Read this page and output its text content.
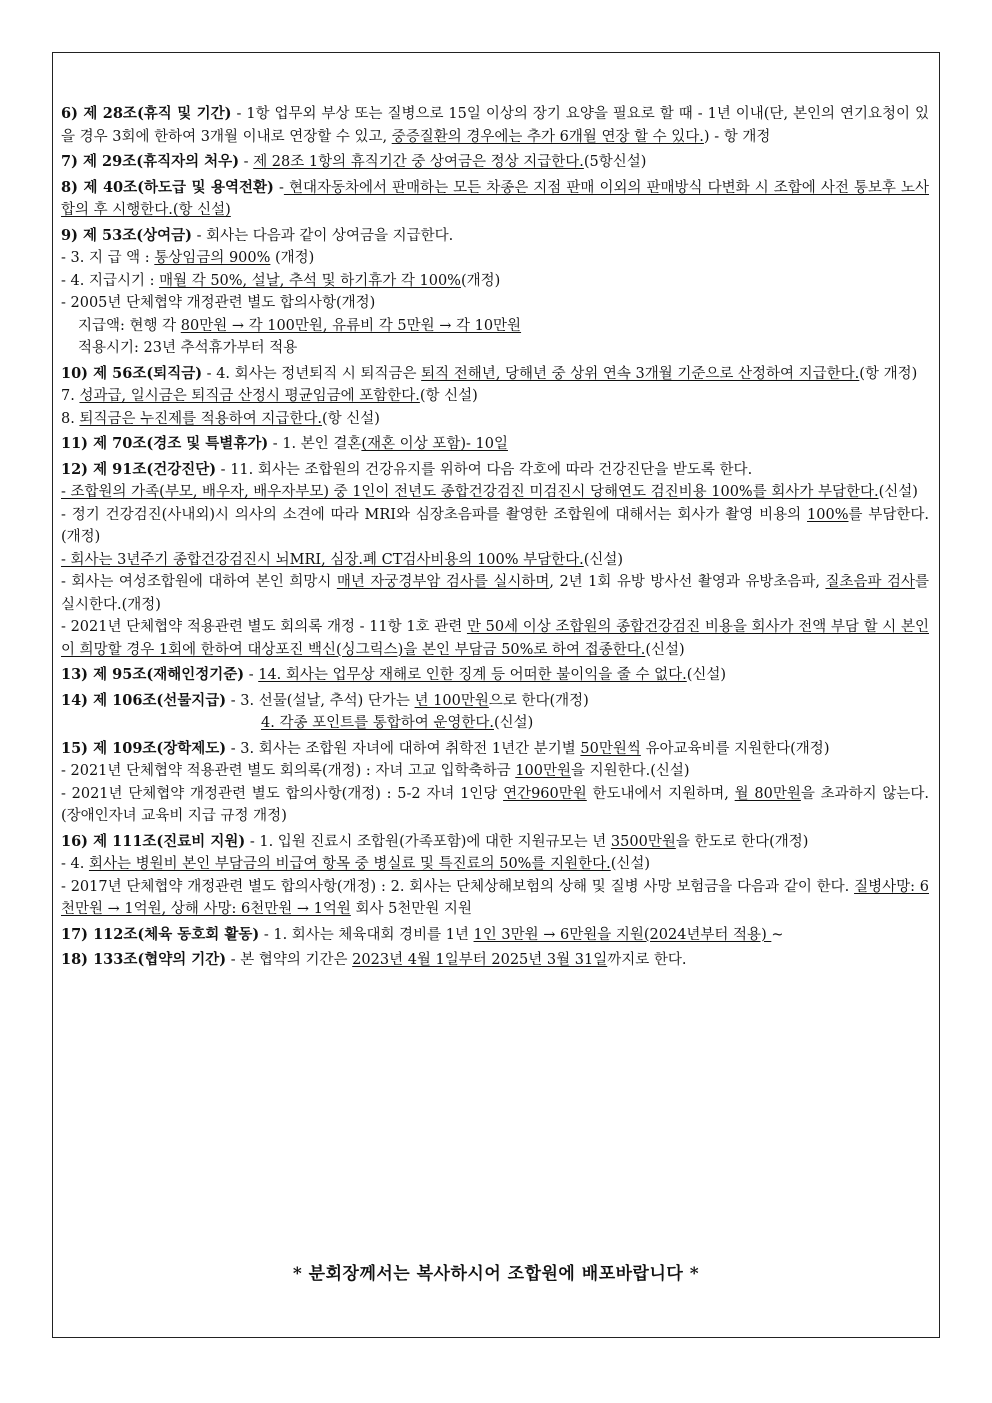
6) 제 28조(휴직 및 기간) - 1항 업무외 부상 또는 질병으로 15일 이상의 장기 요양을 필요로 할 때 - 1년 이내(단, 본인의 연기요청이 있을 경우 3회에 한하여 3개월 이내로 연장할 수 있고, 중증질환의 경우에는 추가 6개월 연장 할 수 있다.) - 항 개정
7) 제 29조(휴직자의 처우) - 제 28조 1항의 휴직기간 중 상여금은 정상 지급한다.(5항신설)
8) 제 40조(하도급 및 용역전환) - 현대자동차에서 판매하는 모든 차종은 지점 판매 이외의 판매방식 다변화 시 조합에 사전 통보후 노사 합의 후 시행한다.(항 신설)
9) 제 53조(상여금) - 회사는 다음과 같이 상여금을 지급한다.
- 3. 지 급 액 : 통상임금의 900% (개정)
- 4. 지급시기 : 매월 각 50%, 설날, 추석 및 하기휴가 각 100%(개정)
- 2005년 단체협약 개정관련 별도 합의사항(개정)
지급액: 현행 각 80만원 → 각 100만원, 유류비 각 5만원 → 각 10만원
적용시기: 23년 추석휴가부터 적용
10) 제 56조(퇴직금) - 4. 회사는 정년퇴직 시 퇴직금은 퇴직 전해년, 당해년 중 상위 연속 3개월 기준으로 산정하여 지급한다.(항 개정)
7. 성과급, 일시금은 퇴직금 산정시 평균임금에 포함한다.(항 신설)
8. 퇴직금은 누진제를 적용하여 지급한다.(항 신설)
11) 제 70조(경조 및 특별휴가) - 1. 본인 결혼(재혼 이상 포함)- 10일
12) 제 91조(건강진단) - 11. 회사는 조합원의 건강유지를 위하여 다음 각호에 따라 건강진단을 받도록 한다.
- 조합원의 가족(부모, 배우자, 배우자부모) 중 1인이 전년도 종합건강검진 미검진시 당해연도 검진비용 100%를 회사가 부담한다.(신설)
- 정기 건강검진(사내외)시 의사의 소견에 따라 MRI와 심장초음파를 촬영한 조합원에 대해서는 회사가 촬영 비용의 100%를 부담한다.(개정)
- 회사는 3년주기 종합건강검진시 뇌MRI, 심장.폐 CT검사비용의 100% 부담한다.(신설)
- 회사는 여성조합원에 대하여 본인 희망시 매년 자궁경부암 검사를 실시하며, 2년 1회 유방 방사선 촬영과 유방초음파, 질초음파 검사를 실시한다.(개정)
- 2021년 단체협약 적용관련 별도 회의록 개정 - 11항 1호 관련 만 50세 이상 조합원의 종합건강검진 비용을 회사가 전액 부담 할 시 본인이 희망할 경우 1회에 한하여 대상포진 백신(싱그릭스)을 본인 부담금 50%로 하여 접종한다.(신설)
13) 제 95조(재해인정기준) - 14. 회사는 업무상 재해로 인한 징계 등 어떠한 불이익을 줄 수 없다.(신설)
14) 제 106조(선물지급) - 3. 선물(설날, 추석) 단가는 년 100만원으로 한다(개정)
4. 각종 포인트를 통합하여 운영한다.(신설)
15) 제 109조(장학제도) - 3. 회사는 조합원 자녀에 대하여 취학전 1년간 분기별 50만원씩 유아교육비를 지원한다(개정)
- 2021년 단체협약 적용관련 별도 회의록(개정) : 자녀 고교 입학축하금 100만원을 지원한다.(신설)
- 2021년 단체협약 개정관련 별도 합의사항(개정) : 5-2 자녀 1인당 연간960만원 한도내에서 지원하며, 월 80만원을 초과하지 않는다. (장애인자녀 교육비 지급 규정 개정)
16) 제 111조(진료비 지원) - 1. 입원 진료시 조합원(가족포함)에 대한 지원규모는 년 3500만원을 한도로 한다(개정)
- 4. 회사는 병원비 본인 부담금의 비급여 항목 중 병실료 및 특진료의 50%를 지원한다.(신설)
- 2017년 단체협약 개정관련 별도 합의사항(개정) : 2. 회사는 단체상해보험의 상해 및 질병 사망 보험금을 다음과 같이 한다. 질병사망: 6천만원 → 1억원, 상해 사망: 6천만원 → 1억원 회사 5천만원 지원
17) 112조(체육 동호회 활동) - 1. 회사는 체육대회 경비를 1년 1인 3만원 → 6만원을 지원(2024년부터 적용) ~
18) 133조(협약의 기간) - 본 협약의 기간은 2023년 4월 1일부터 2025년 3월 31일까지로 한다.
* 분회장께서는 복사하시어 조합원에 배포바랍니다 *
